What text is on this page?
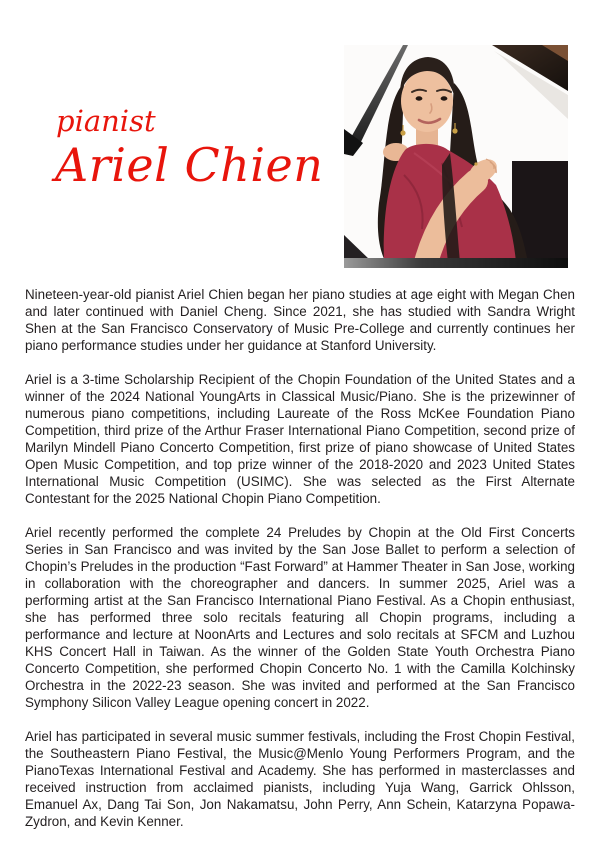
pianist
Ariel Chien

Nineteen-year-old pianist Ariel Chien began her piano studies at age eight with Megan Chen and later continued with Daniel Cheng. Since 2021, she has studied with Sandra Wright Shen at the San Francisco Conservatory of Music Pre-College and currently continues her piano performance studies under her guidance at Stanford University.

Ariel is a 3-time Scholarship Recipient of the Chopin Foundation of the United States and a winner of the 2024 National YoungArts in Classical Music/Piano. She is the prizewinner of numerous piano competitions, including Laureate of the Ross McKee Foundation Piano Competition, third prize of the Arthur Fraser International Piano Competition, second prize of Marilyn Mindell Piano Concerto Competition, first prize of piano showcase of United States Open Music Competition, and top prize winner of the 2018-2020 and 2023 United States International Music Competition (USIMC). She was selected as the First Alternate Contestant for the 2025 National Chopin Piano Competition.

Ariel recently performed the complete 24 Preludes by Chopin at the Old First Concerts Series in San Francisco and was invited by the San Jose Ballet to perform a selection of Chopin’s Preludes in the production “Fast Forward” at Hammer Theater in San Jose, working in collaboration with the choreographer and dancers. In summer 2025, Ariel was a performing artist at the San Francisco International Piano Festival. As a Chopin enthusiast, she has performed three solo recitals featuring all Chopin programs, including a performance and lecture at NoonArts and Lectures and solo recitals at SFCM and Luzhou KHS Concert Hall in Taiwan. As the winner of the Golden State Youth Orchestra Piano Concerto Competition, she performed Chopin Concerto No. 1 with the Camilla Kolchinsky Orchestra in the 2022-23 season. She was invited and performed at the San Francisco Symphony Silicon Valley League opening concert in 2022.

Ariel has participated in several music summer festivals, including the Frost Chopin Festival, the Southeastern Piano Festival, the Music@Menlo Young Performers Program, and the PianoTexas International Festival and Academy. She has performed in masterclasses and received instruction from acclaimed pianists, including Yuja Wang, Garrick Ohlsson, Emanuel Ax, Dang Tai Son, Jon Nakamatsu, John Perry, Ann Schein, Katarzyna Popawa-Zydron, and Kevin Kenner.
